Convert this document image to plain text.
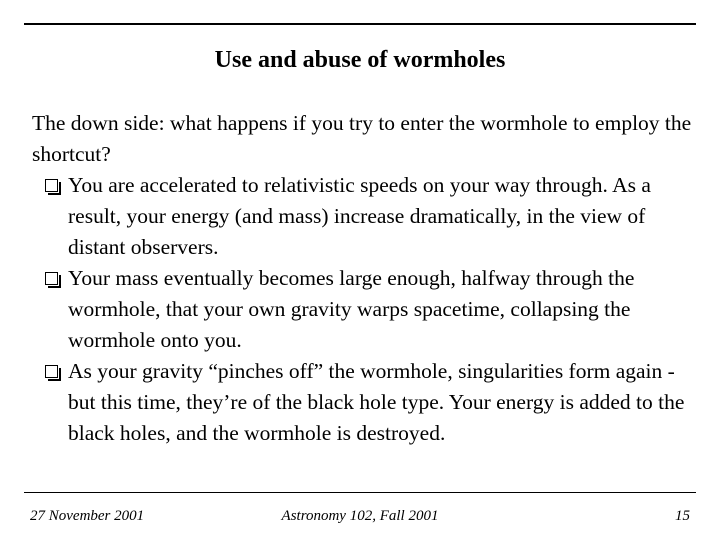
Use and abuse of wormholes

The down side: what happens if you try to enter the wormhole to employ the shortcut?

You are accelerated to relativistic speeds on your way through. As a result, your energy (and mass) increase dramatically, in the view of distant observers.
Your mass eventually becomes large enough, halfway through the wormhole, that your own gravity warps spacetime, collapsing the wormhole onto you.
As your gravity “pinches off” the wormhole, singularities form again - but this time, they’re of the black hole type. Your energy is added to the black holes, and the wormhole is destroyed.
27 November 2001	Astronomy 102, Fall 2001	15
